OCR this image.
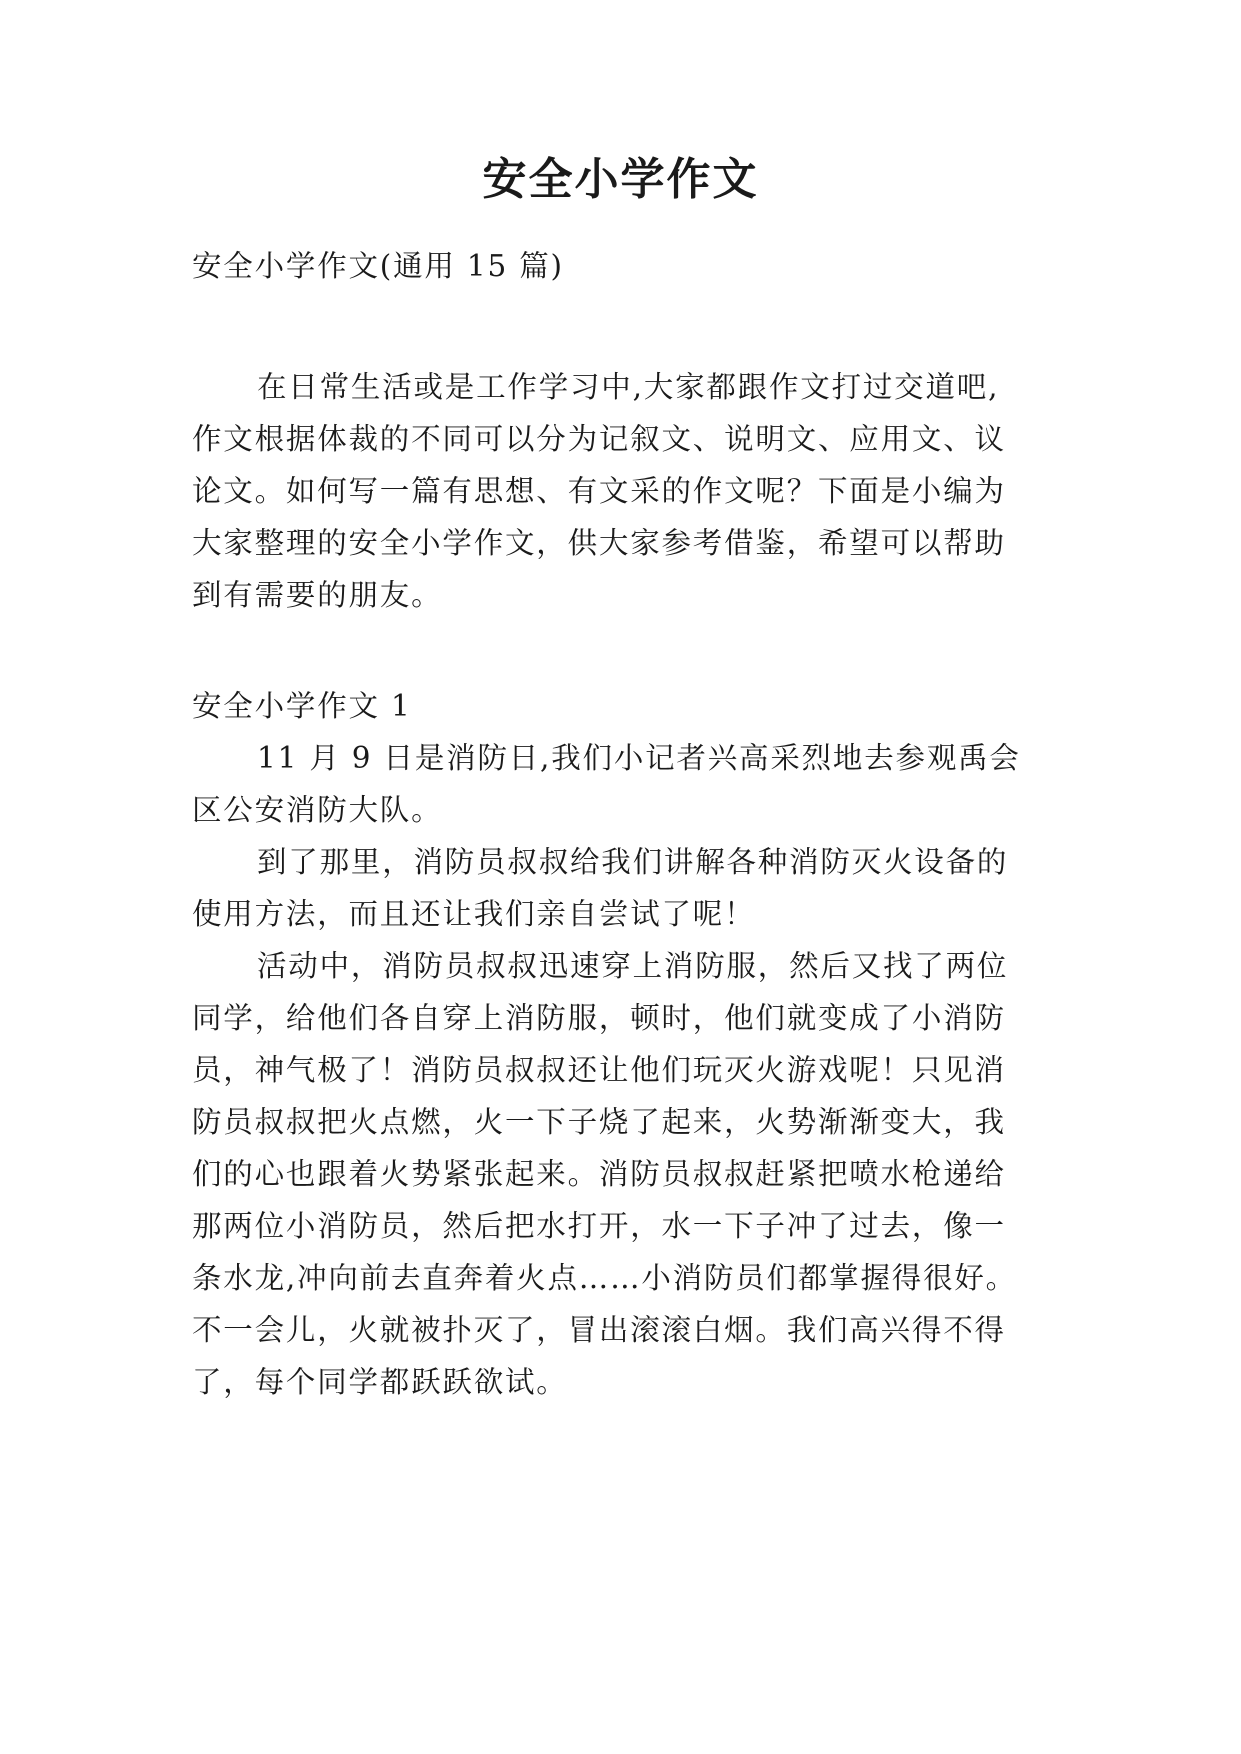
安全小学作文

安全小学作文(通用 15 篇)

在日常生活或是工作学习中,大家都跟作文打过交道吧,

作文根据体裁的不同可以分为记叙文、说明文、应用文、议

论文。如何写一篇有思想、有文采的作文呢？下面是小编为

大家整理的安全小学作文，供大家参考借鉴，希望可以帮助

到有需要的朋友。

安全小学作文 1

11 月 9 日是消防日,我们小记者兴高采烈地去参观禹会

区公安消防大队。

到了那里，消防员叔叔给我们讲解各种消防灭火设备的

使用方法，而且还让我们亲自尝试了呢！

活动中，消防员叔叔迅速穿上消防服，然后又找了两位

同学，给他们各自穿上消防服，顿时，他们就变成了小消防

员，神气极了！消防员叔叔还让他们玩灭火游戏呢！只见消

防员叔叔把火点燃，火一下子烧了起来，火势渐渐变大，我

们的心也跟着火势紧张起来。消防员叔叔赶紧把喷水枪递给

那两位小消防员，然后把水打开，水一下子冲了过去，像一

条水龙,冲向前去直奔着火点……小消防员们都掌握得很好。

不一会儿，火就被扑灭了，冒出滚滚白烟。我们高兴得不得

了，每个同学都跃跃欲试。
